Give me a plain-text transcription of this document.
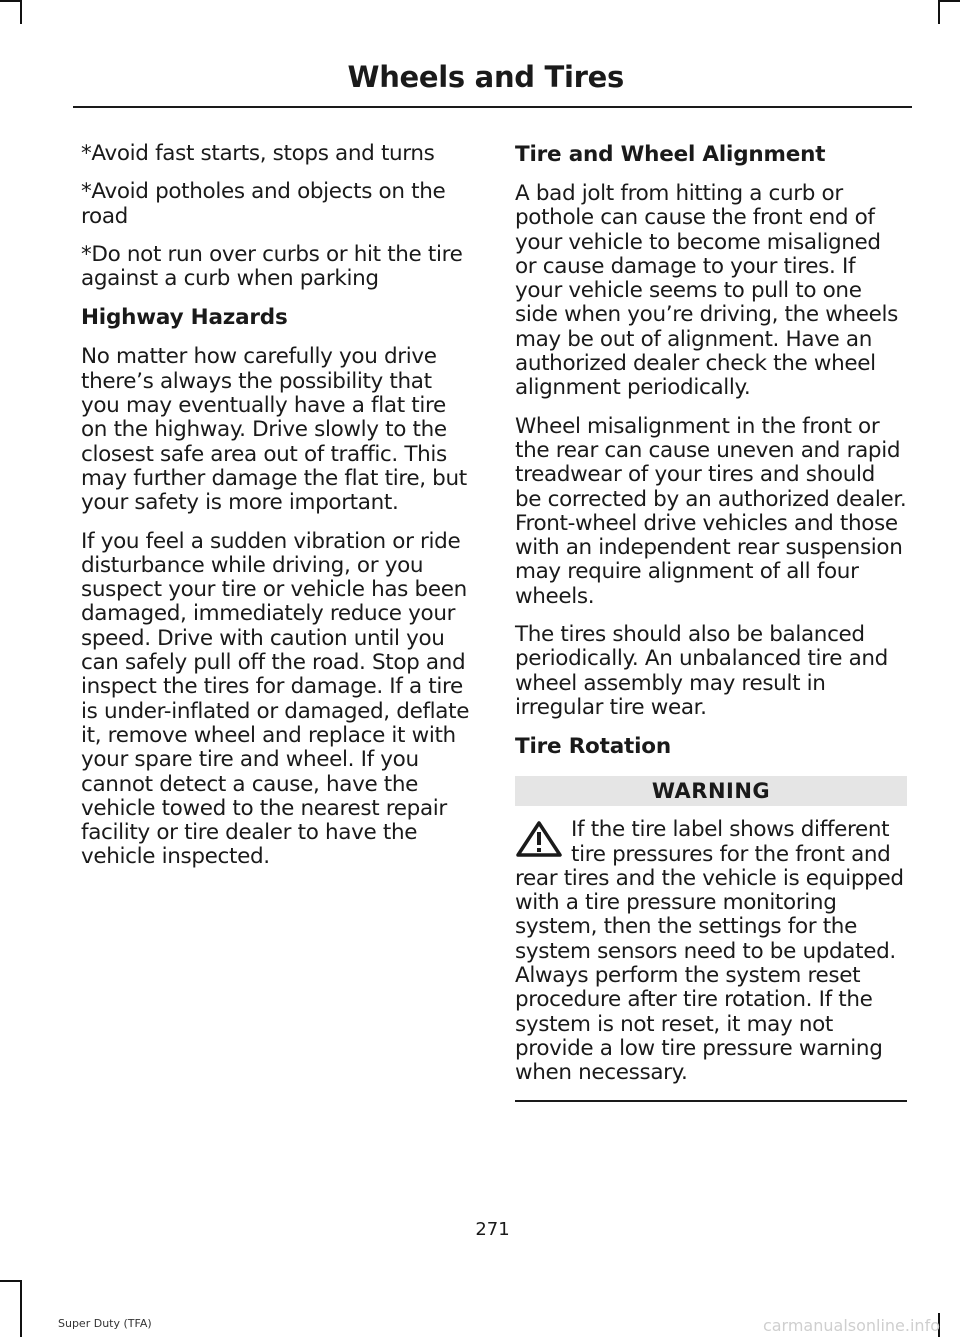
Wheels and Tires

*Avoid fast starts, stops and turns

*Avoid potholes and objects on the road

*Do not run over curbs or hit the tire against a curb when parking

Highway Hazards

No matter how carefully you drive there’s always the possibility that you may eventually have a flat tire on the highway. Drive slowly to the closest safe area out of traffic. This may further damage the flat tire, but your safety is more important.

If you feel a sudden vibration or ride disturbance while driving, or you suspect your tire or vehicle has been damaged, immediately reduce your speed. Drive with caution until you can safely pull off the road. Stop and inspect the tires for damage. If a tire is under-inflated or damaged, deflate it, remove wheel and replace it with your spare tire and wheel. If you cannot detect a cause, have the vehicle towed to the nearest repair facility or tire dealer to have the vehicle inspected.

Tire and Wheel Alignment

A bad jolt from hitting a curb or pothole can cause the front end of your vehicle to become misaligned or cause damage to your tires. If your vehicle seems to pull to one side when you’re driving, the wheels may be out of alignment. Have an authorized dealer check the wheel alignment periodically.

Wheel misalignment in the front or the rear can cause uneven and rapid treadwear of your tires and should be corrected by an authorized dealer. Front-wheel drive vehicles and those with an independent rear suspension may require alignment of all four wheels.

The tires should also be balanced periodically. An unbalanced tire and wheel assembly may result in irregular tire wear.

Tire Rotation
WARNING

If the tire label shows different tire pressures for the front and rear tires and the vehicle is equipped with a tire pressure monitoring system, then the settings for the system sensors need to be updated. Always perform the system reset procedure after tire rotation. If the system is not reset, it may not provide a low tire pressure warning when necessary.

271
Super Duty (TFA)	carmanualsonline.info
